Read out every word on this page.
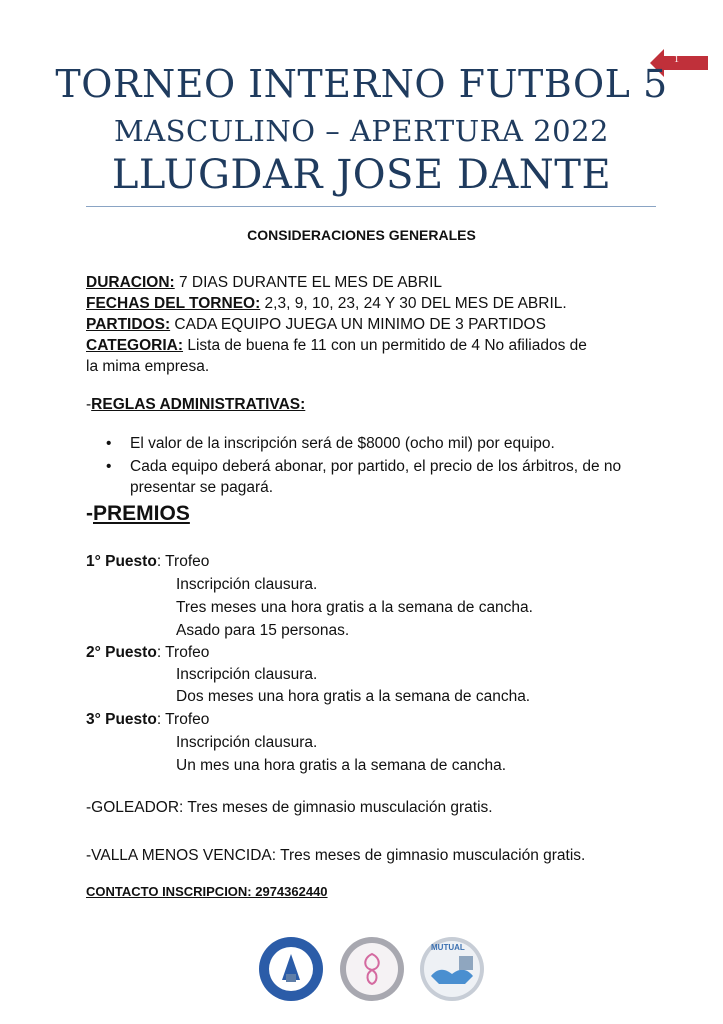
1
TORNEO INTERNO FUTBOL 5
MASCULINO – APERTURA 2022
LLUGDAR JOSE DANTE
CONSIDERACIONES GENERALES
DURACION: 7 DIAS DURANTE EL MES DE ABRIL
FECHAS DEL TORNEO: 2,3, 9, 10, 23, 24 Y 30 DEL MES DE ABRIL.
PARTIDOS: CADA EQUIPO JUEGA UN MINIMO DE 3 PARTIDOS
CATEGORIA: Lista de buena fe 11 con un permitido de 4 No afiliados de
la mima empresa.
-REGLAS ADMINISTRATIVAS:
• El valor de la inscripción será de $8000 (ocho mil) por equipo.
• Cada equipo deberá abonar, por partido, el precio de los árbitros, de no presentar se pagará.
-PREMIOS
1° Puesto: Trofeo
Inscripción clausura.
Tres meses una hora gratis a la semana de cancha.
Asado para 15 personas.
2° Puesto: Trofeo
Inscripción clausura.
Dos meses una hora gratis a la semana de cancha.
3° Puesto: Trofeo
Inscripción clausura.
Un mes una hora gratis a la semana de cancha.
-GOLEADOR: Tres meses de gimnasio musculación gratis.
-VALLA MENOS VENCIDA: Tres meses de gimnasio musculación gratis.
CONTACTO INSCRIPCION: 2974362440
MUTUAL
